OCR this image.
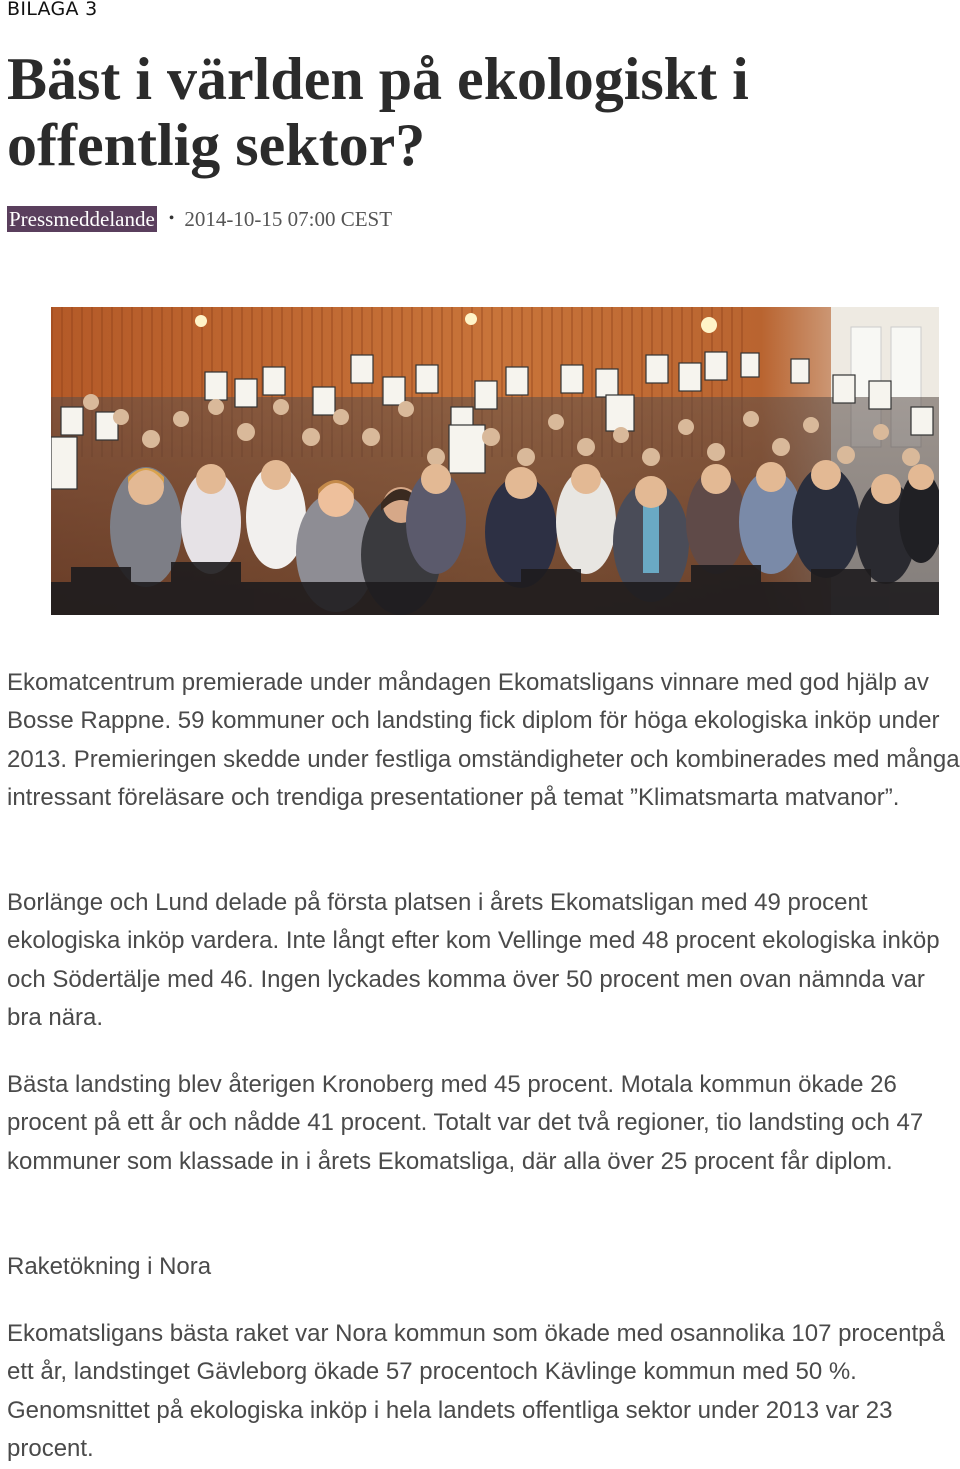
BILAGA 3
Bäst i världen på ekologiskt i offentlig sektor?
Pressmeddelande • 2014-10-15 07:00 CEST

Ekomatcentrum premierade under måndagen Ekomatsligans vinnare med god hjälp av Bosse Rappne. 59 kommuner och landsting fick diplom för höga ekologiska inköp under 2013. Premieringen skedde under festliga omständigheter och kombinerades med många intressant föreläsare och trendiga presentationer på temat ”Klimatsmarta matvanor”.

Borlänge och Lund delade på första platsen i årets Ekomatsligan med 49 procent ekologiska inköp vardera. Inte långt efter kom Vellinge med 48 procent ekologiska inköp och Södertälje med 46. Ingen lyckades komma över 50 procent men ovan nämnda var bra nära.

Bästa landsting blev återigen Kronoberg med 45 procent. Motala kommun ökade 26 procent på ett år och nådde 41 procent. Totalt var det två regioner, tio landsting och 47 kommuner som klassade in i årets Ekomatsliga, där alla över 25 procent får diplom.

Raketökning i Nora

Ekomatsligans bästa raket var Nora kommun som ökade med osannolika 107 procentpå ett år, landstinget Gävleborg ökade 57 procentoch Kävlinge kommun med 50 %. Genomsnittet på ekologiska inköp i hela landets offentliga sektor under 2013 var 23 procent.
